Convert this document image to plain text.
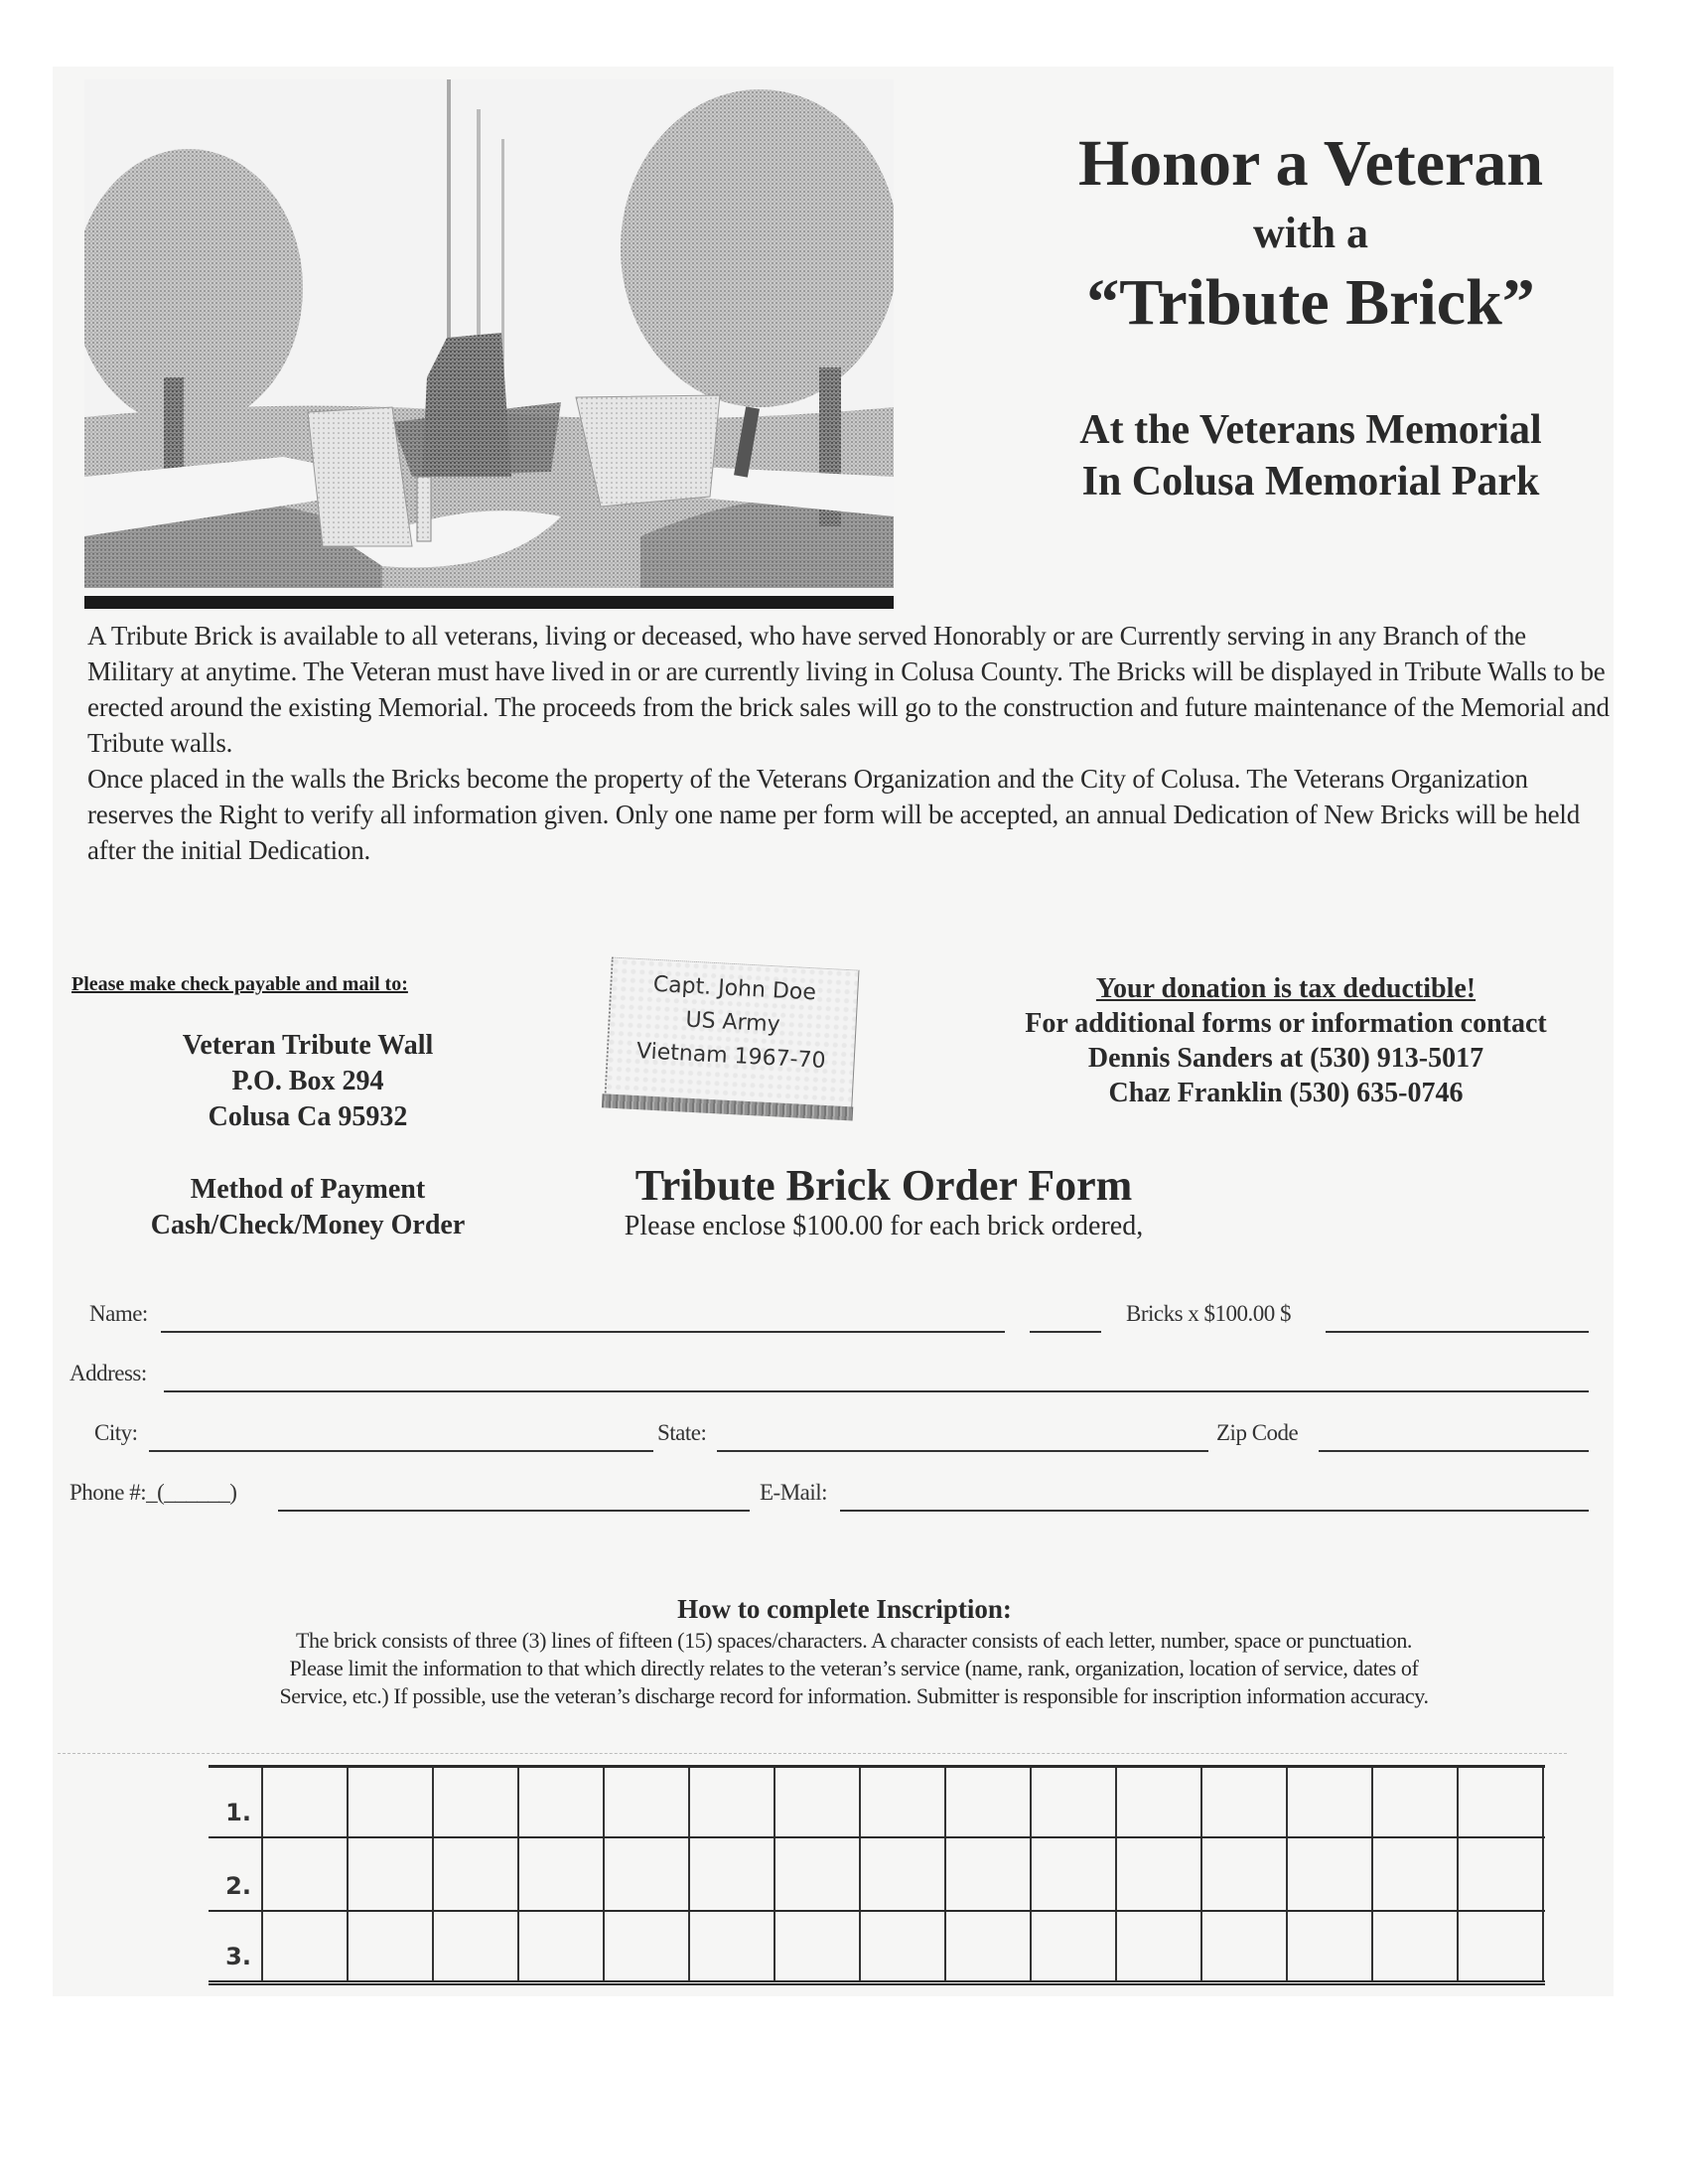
Honor a Veteran
with a
“Tribute Brick”
At the Veterans Memorial
In Colusa Memorial Park

A Tribute Brick is available to all veterans, living or deceased, who have served Honorably or are Currently serving in any Branch of the Military at anytime. The Veteran must have lived in or are currently living in Colusa County. The Bricks will be displayed in Tribute Walls to be erected around the existing Memorial. The proceeds from the brick sales will go to the construction and future maintenance of the Memorial and Tribute walls.

Once placed in the walls the Bricks become the property of the Veterans Organization and the City of Colusa. The Veterans Organization reserves the Right to verify all information given. Only one name per form will be accepted, an annual Dedication of New Bricks will be held after the initial Dedication.

Please make check payable and mail to:
Veteran Tribute Wall
P.O. Box 294
Colusa Ca 95932
Method of Payment
Cash/Check/Money Order
Capt. John Doe
US Army
Vietnam 1967-70
Your donation is tax deductible!
For additional forms or information contact
Dennis Sanders at (530) 913-5017
Chaz Franklin (530) 635-0746
Tribute Brick Order Form
Please enclose $100.00 for each brick ordered,
Name:	Bricks x $100.00 $
Address:
City:	State:	Zip Code
Phone #:_(______)	E-Mail:
How to complete Inscription:
The brick consists of three (3) lines of fifteen (15) spaces/characters. A character consists of each letter, number, space or punctuation.
Please limit the information to that which directly relates to the veteran’s service (name, rank, organization, location of service, dates of
Service, etc.) If possible, use the veteran’s discharge record for information. Submitter is responsible for inscription information accuracy.
1.
2.
3.
